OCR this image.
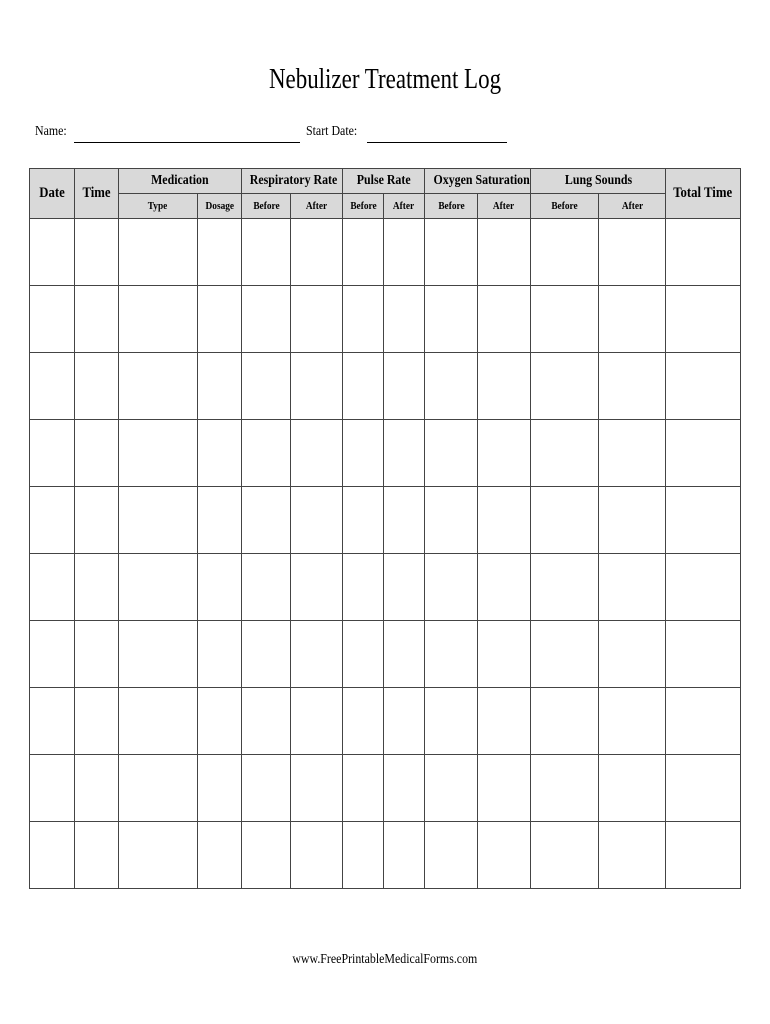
Nebulizer Treatment Log
Name:	Start Date:
Date	Time	Medication		Respiratory Rate		Pulse Rate		Oxygen Saturation		Lung Sounds		Total Time
		Type	Dosage	Before	After	Before	After	Before	After	Before	After	

www.FreePrintableMedicalForms.com
